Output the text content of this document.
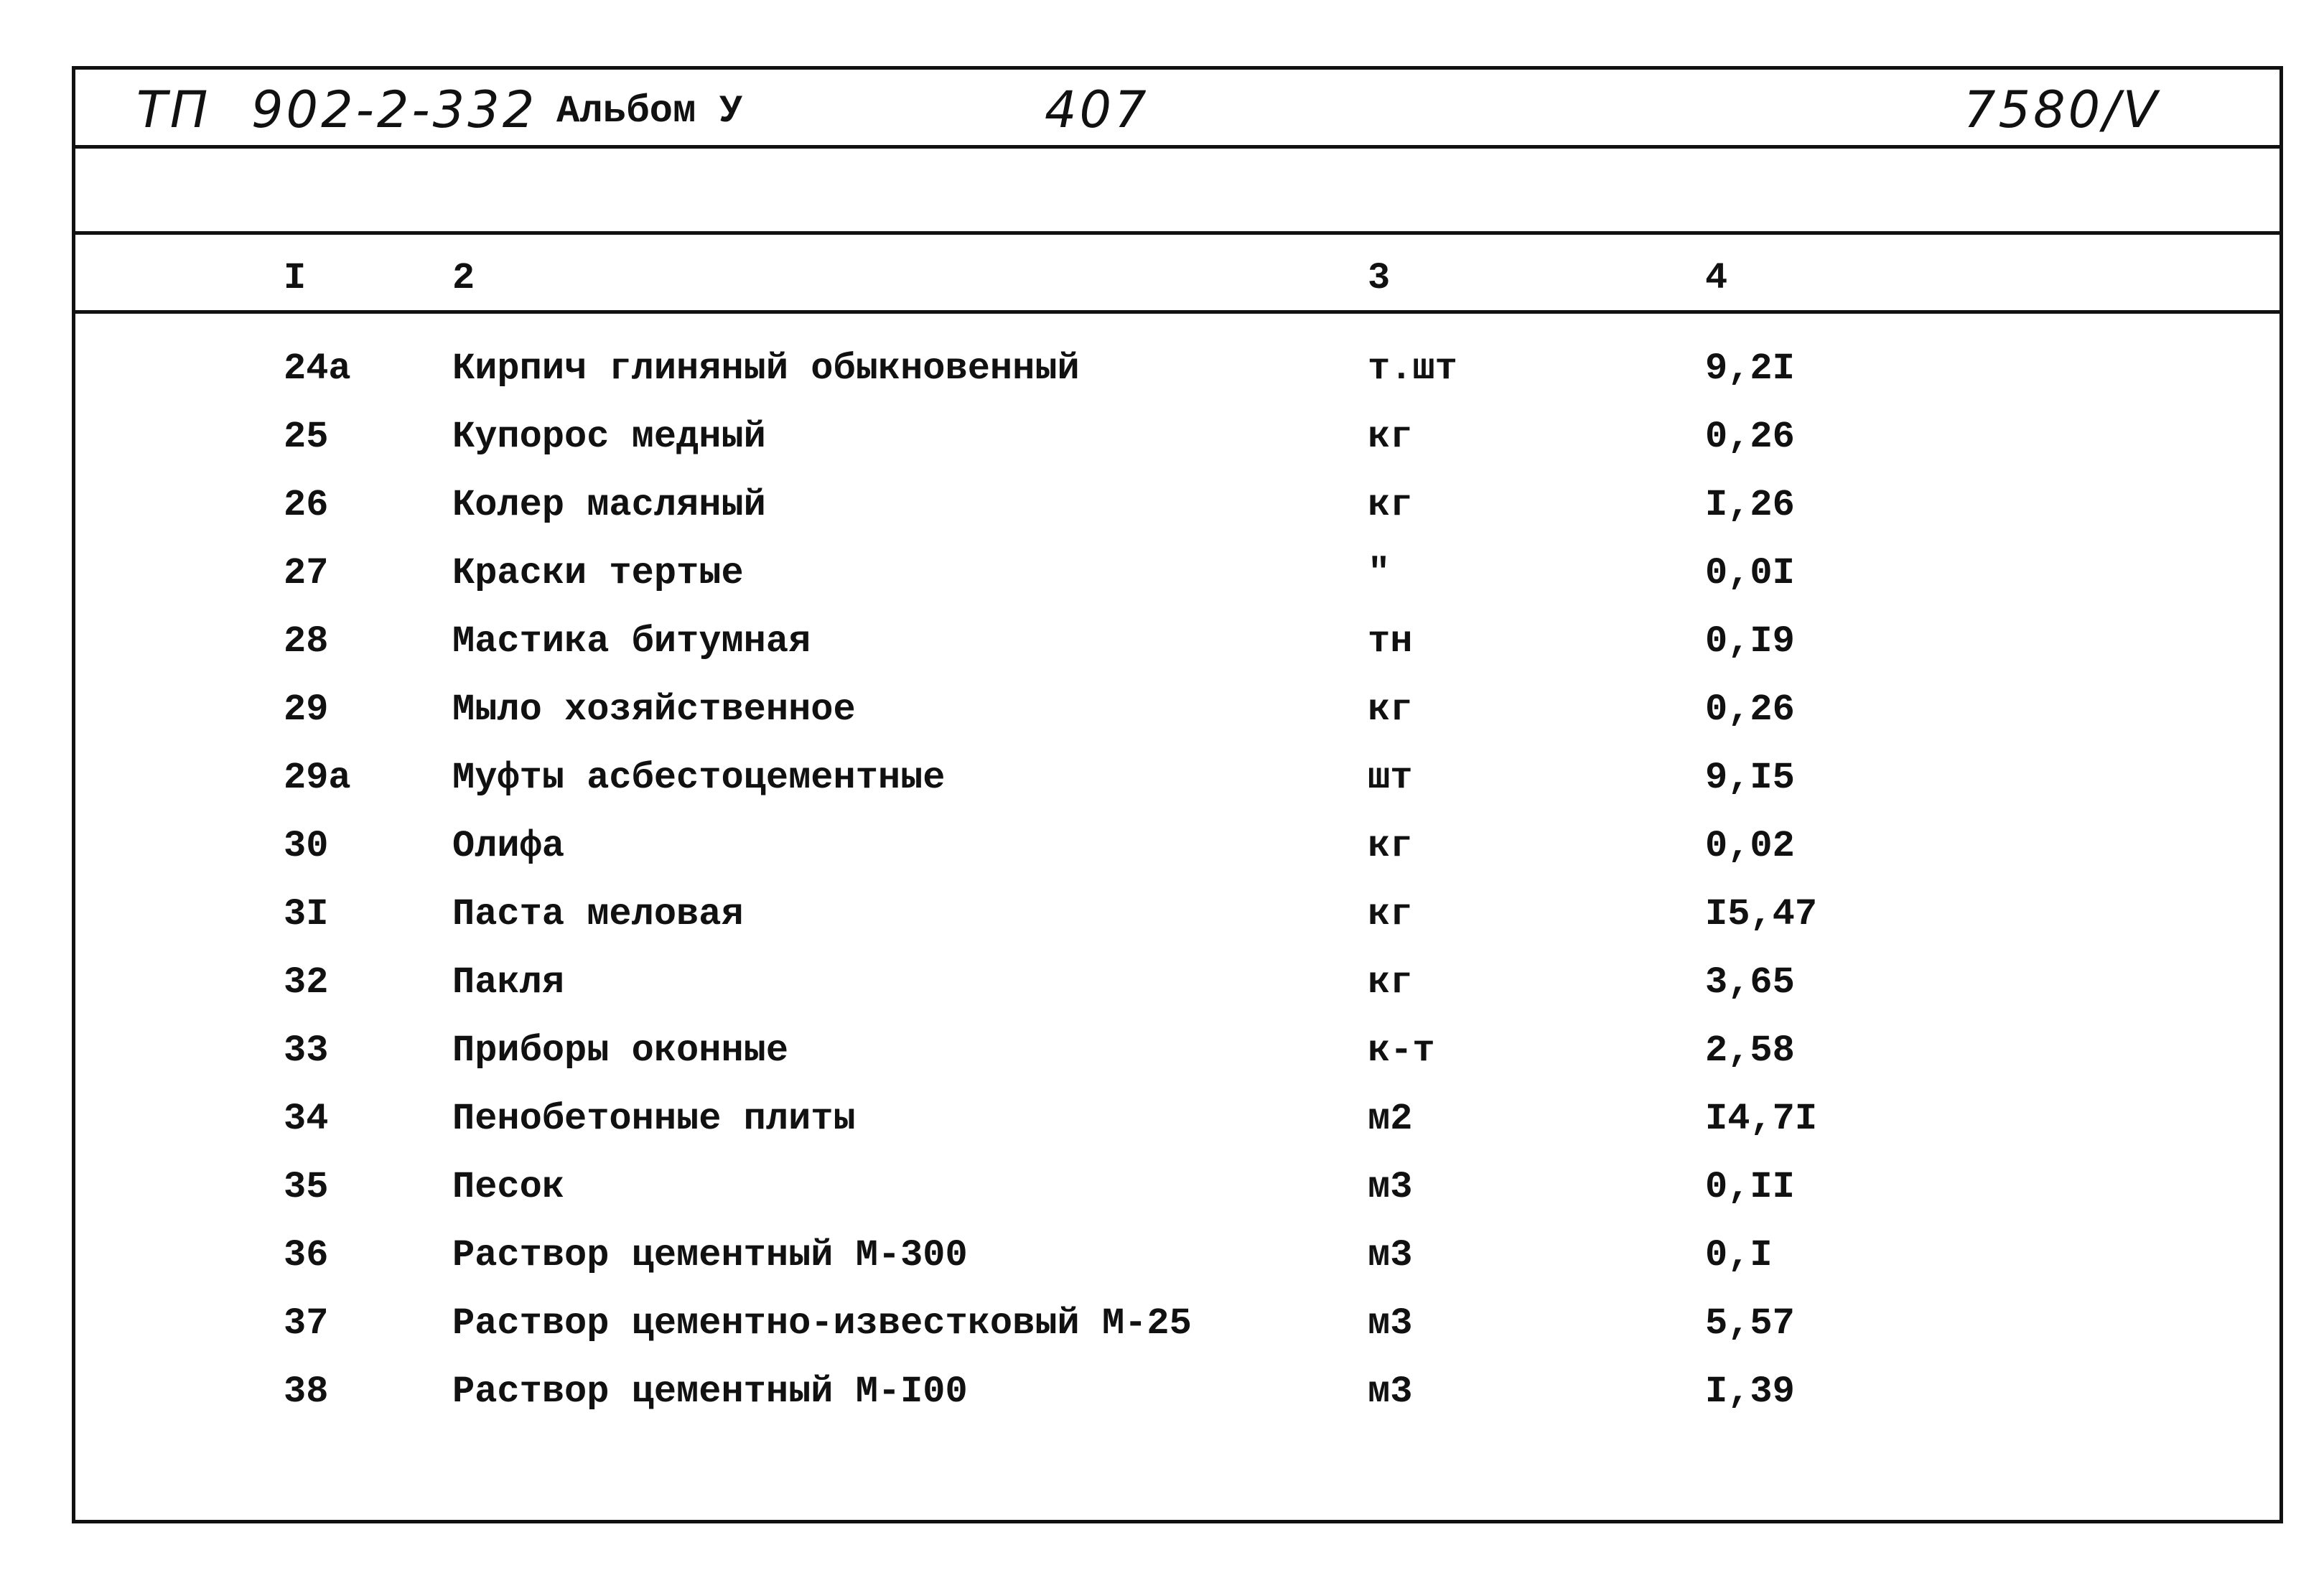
ТП 902-2-332 Альбом У	407	7580/V
I	2	3	4
24а	Кирпич глиняный обыкновенный	т.шт	9,2I
25	Купорос медный	кг	0,26
26	Колер масляный	кг	I,26
27	Краски тертые	"	0,0I
28	Мастика битумная	тн	0,I9
29	Мыло хозяйственное	кг	0,26
29а	Муфты асбестоцементные	шт	9,I5
30	Олифа	кг	0,02
3I	Паста меловая	кг	I5,47
32	Пакля	кг	3,65
33	Приборы оконные	к-т	2,58
34	Пенобетонные плиты	м2	I4,7I
35	Песок	м3	0,II
36	Раствор цементный М-300	м3	0,I
37	Раствор цементно-известковый М-25	м3	5,57
38	Раствор цементный М-I00	м3	I,39
